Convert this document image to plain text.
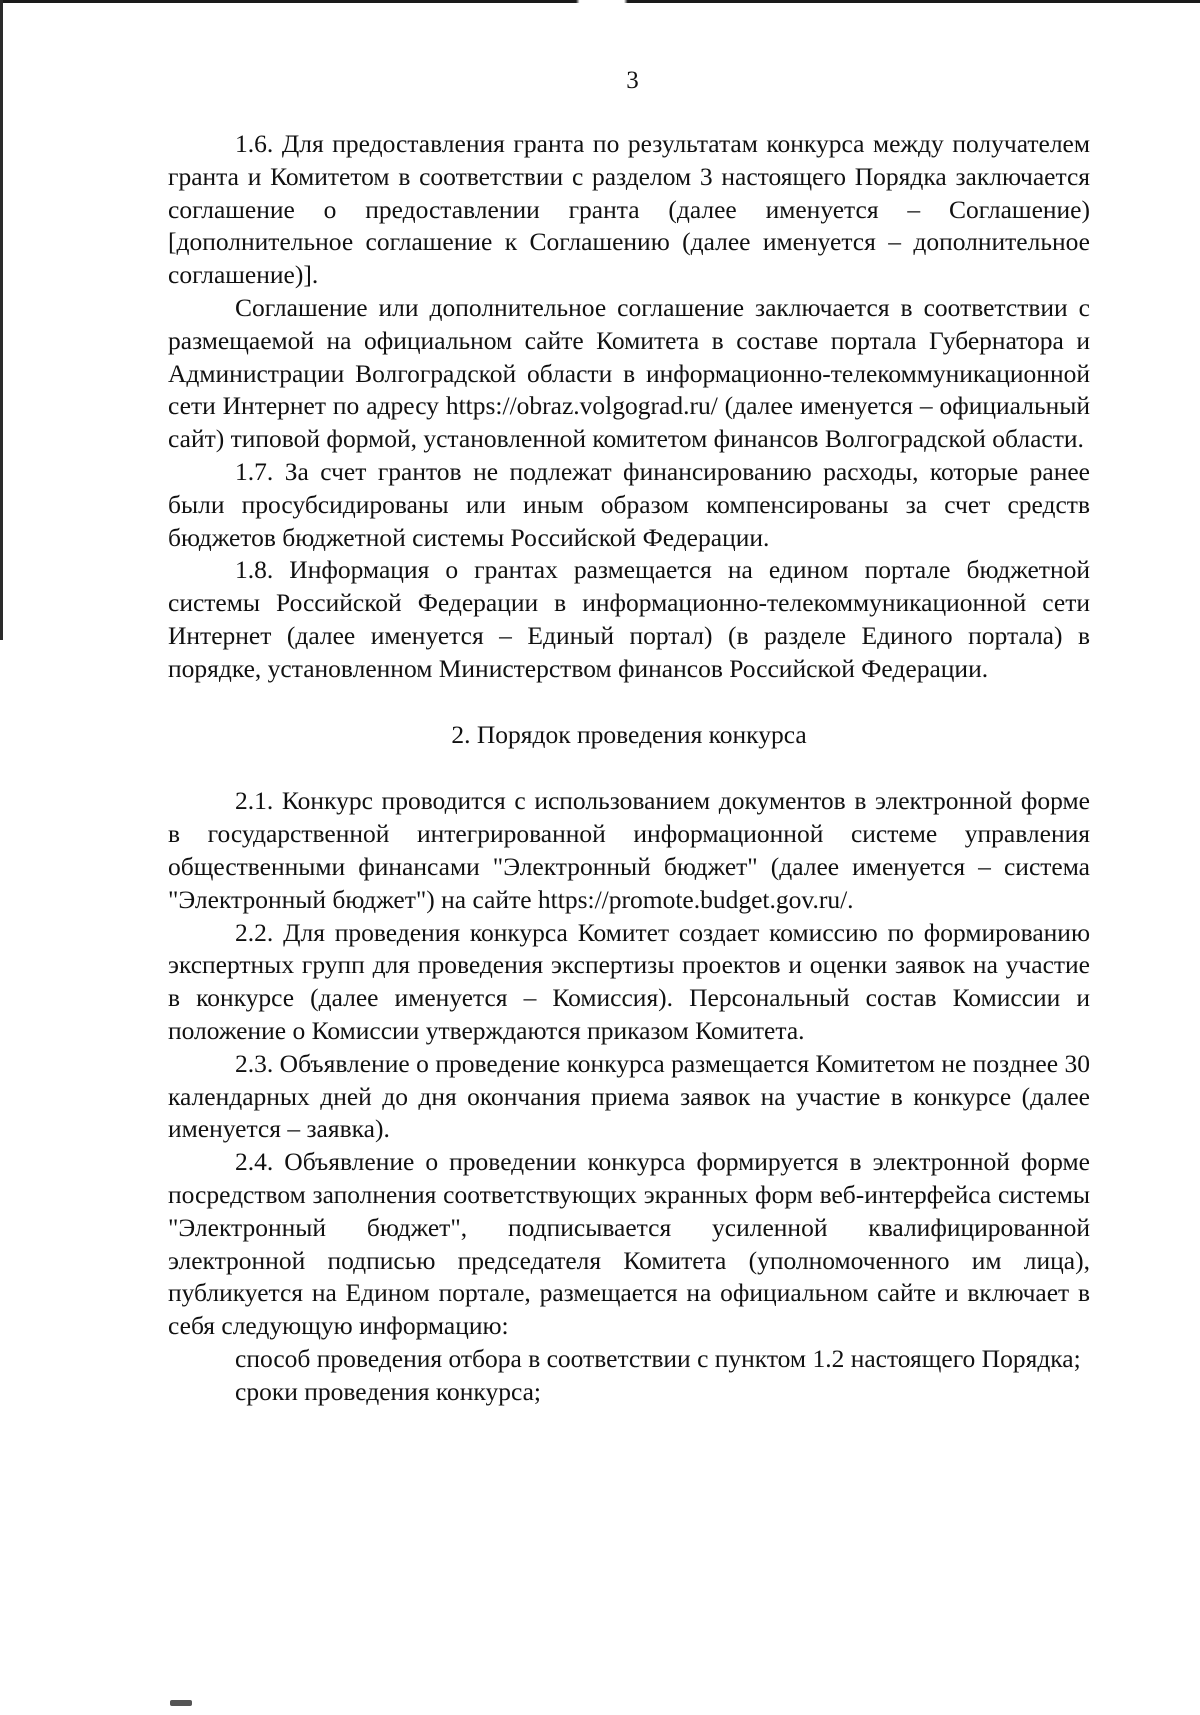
3

1.6. Для предоставления гранта по результатам конкурса между получателем гранта и Комитетом в соответствии с разделом 3 настоящего Порядка заключается соглашение о предоставлении гранта (далее именуется – Соглашение) [дополнительное соглашение к Соглашению (далее именуется – дополнительное соглашение)].

Соглашение или дополнительное соглашение заключается в соответствии с размещаемой на официальном сайте Комитета в составе портала Губернатора и Администрации Волгоградской области в информационно-телекоммуникационной сети Интернет по адресу https://obraz.volgograd.ru/ (далее именуется – официальный сайт) типовой формой, установленной комитетом финансов Волгоградской области.

1.7. За счет грантов не подлежат финансированию расходы, которые ранее были просубсидированы или иным образом компенсированы за счет средств бюджетов бюджетной системы Российской Федерации.

1.8. Информация о грантах размещается на едином портале бюджетной системы Российской Федерации в информационно-телекоммуникационной сети Интернет (далее именуется – Единый портал) (в разделе Единого портала) в порядке, установленном Министерством финансов Российской Федерации.

2. Порядок проведения конкурса

2.1. Конкурс проводится с использованием документов в электронной форме в государственной интегрированной информационной системе управления общественными финансами "Электронный бюджет" (далее именуется – система "Электронный бюджет") на сайте https://promote.budget.gov.ru/.

2.2. Для проведения конкурса Комитет создает комиссию по формированию экспертных групп для проведения экспертизы проектов и оценки заявок на участие в конкурсе (далее именуется – Комиссия). Персональный состав Комиссии и положение о Комиссии утверждаются приказом Комитета.

2.3. Объявление о проведение конкурса размещается Комитетом не позднее 30 календарных дней до дня окончания приема заявок на участие в конкурсе (далее именуется – заявка).

2.4. Объявление о проведении конкурса формируется в электронной форме посредством заполнения соответствующих экранных форм веб-интерфейса системы "Электронный бюджет", подписывается усиленной квалифицированной электронной подписью председателя Комитета (уполномоченного им лица), публикуется на Едином портале, размещается на официальном сайте и включает в себя следующую информацию:

способ проведения отбора в соответствии с пунктом 1.2 настоящего Порядка;

сроки проведения конкурса;
